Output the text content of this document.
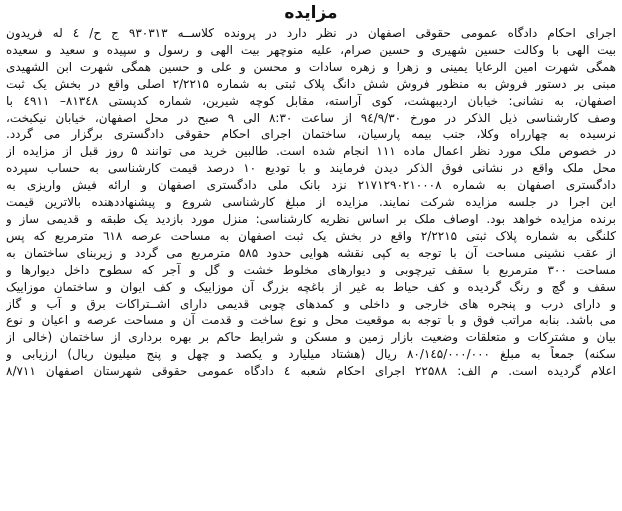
مزایده
اجرای احکام دادگاه عمومی حقوقی اصفهان در نظر دارد در پرونده کلاســه ۹۳۰۳۱۳ ج ح/ ٤ له فریدون
بیت الهی با وکالت حسین شهیری و حسین صرام، علیه منوچهر بیت الهی و رسول و سپیده و سعید و سعیده
همگی شهرت امین الرعایا یمینی و زهرا و زهره سادات و محسن و علی و حسین همگی شهرت ابن الشهیدی
مبنی بر دستور فروش به منظور فروش شش دانگ پلاک ثبتی به شماره ۲/۲۲۱۵ اصلی واقع در بخش یک ثبت
اصفهان، به نشانی: خیابان اردیبهشت، کوی آراسته، مقابل کوچه شیرین، شماره کدپستی ۸۱۳٤۸– ٤٩١١ با
وصف کارشناسی ذیل الذکر در مورخ ۹٤/۹/۳۰ از ساعت ۸:۳۰ الی ۹ صبح در محل اصفهان، خیابان نیکبخت،
نرسیده به چهارراه وکلا، جنب بیمه پارسیان، ساختمان اجرای احکام حقوقی دادگستری برگزار می گردد.
در خصوص ملک مورد نظر اعمال ماده ۱۱۱ انجام شده است. طالبین خرید می توانند ۵ روز قبل از مزایده از
محل ملک واقع در نشانی فوق الذکر دیدن فرمایند و با تودیع ۱۰ درصد قیمت کارشناسی به حساب سپرده
دادگستری اصفهان به شماره ۲۱۷۱۲۹۰۲۱۰۰۰۸ نزد بانک ملی دادگستری اصفهان و ارائه فیش واریزی به
این اجرا در جلسه مزایده شرکت نمایند. مزایده از مبلغ کارشناسی شروع و پیشنهاددهنده بالاترین قیمت
برنده مزایده خواهد بود. اوصاف ملک بر اساس نظریه کارشناسی: منزل مورد بازدید یک طبقه و قدیمی ساز و
کلنگی به شماره پلاک ثبتی ۲/۲۲۱۵ واقع در بخش یک ثبت اصفهان به مساحت عرصه ٦۱۸ مترمربع که پس
از عقب نشینی مساحت آن با توجه به کپی نقشه هوایی حدود ۵۸۵ مترمربع می گردد و زیربنای ساختمان به
مساحت ۳۰۰ مترمربع با سقف تیرچوبی و دیوارهای مخلوط خشت و گل و آجر که سطوح داخل دیوارها و
سقف و گچ و رنگ گردیده و کف حیاط به غیر از باغچه بزرگ آن موزاییک و کف ایوان و ساختمان موزاییک
و دارای درب و پنجره های خارجی و داخلی و کمدهای چوبی قدیمی دارای اشــتراکات برق و آب و گاز
می باشد. بنابه مراتب فوق و با توجه به موقعیت محل و نوع ساخت و قدمت آن و مساحت عرصه و اعیان و نوع
بیان و مشترکات و متعلقات وضعیت بازار زمین و مسکن و شرایط حاکم بر بهره برداری از ساختمان (خالی از
سکنه) جمعاً به مبلغ ۸۰/۱٤۵/۰۰۰/۰۰۰ ریال (هشتاد میلیارد و یکصد و چهل و پنج میلیون ریال) ارزیابی و
اعلام گردیده است. م الف: ۲۲۵۸۸ اجرای احکام شعبه ٤ دادگاه عمومی حقوقی شهرستان اصفهان ۸/۷۱۱
